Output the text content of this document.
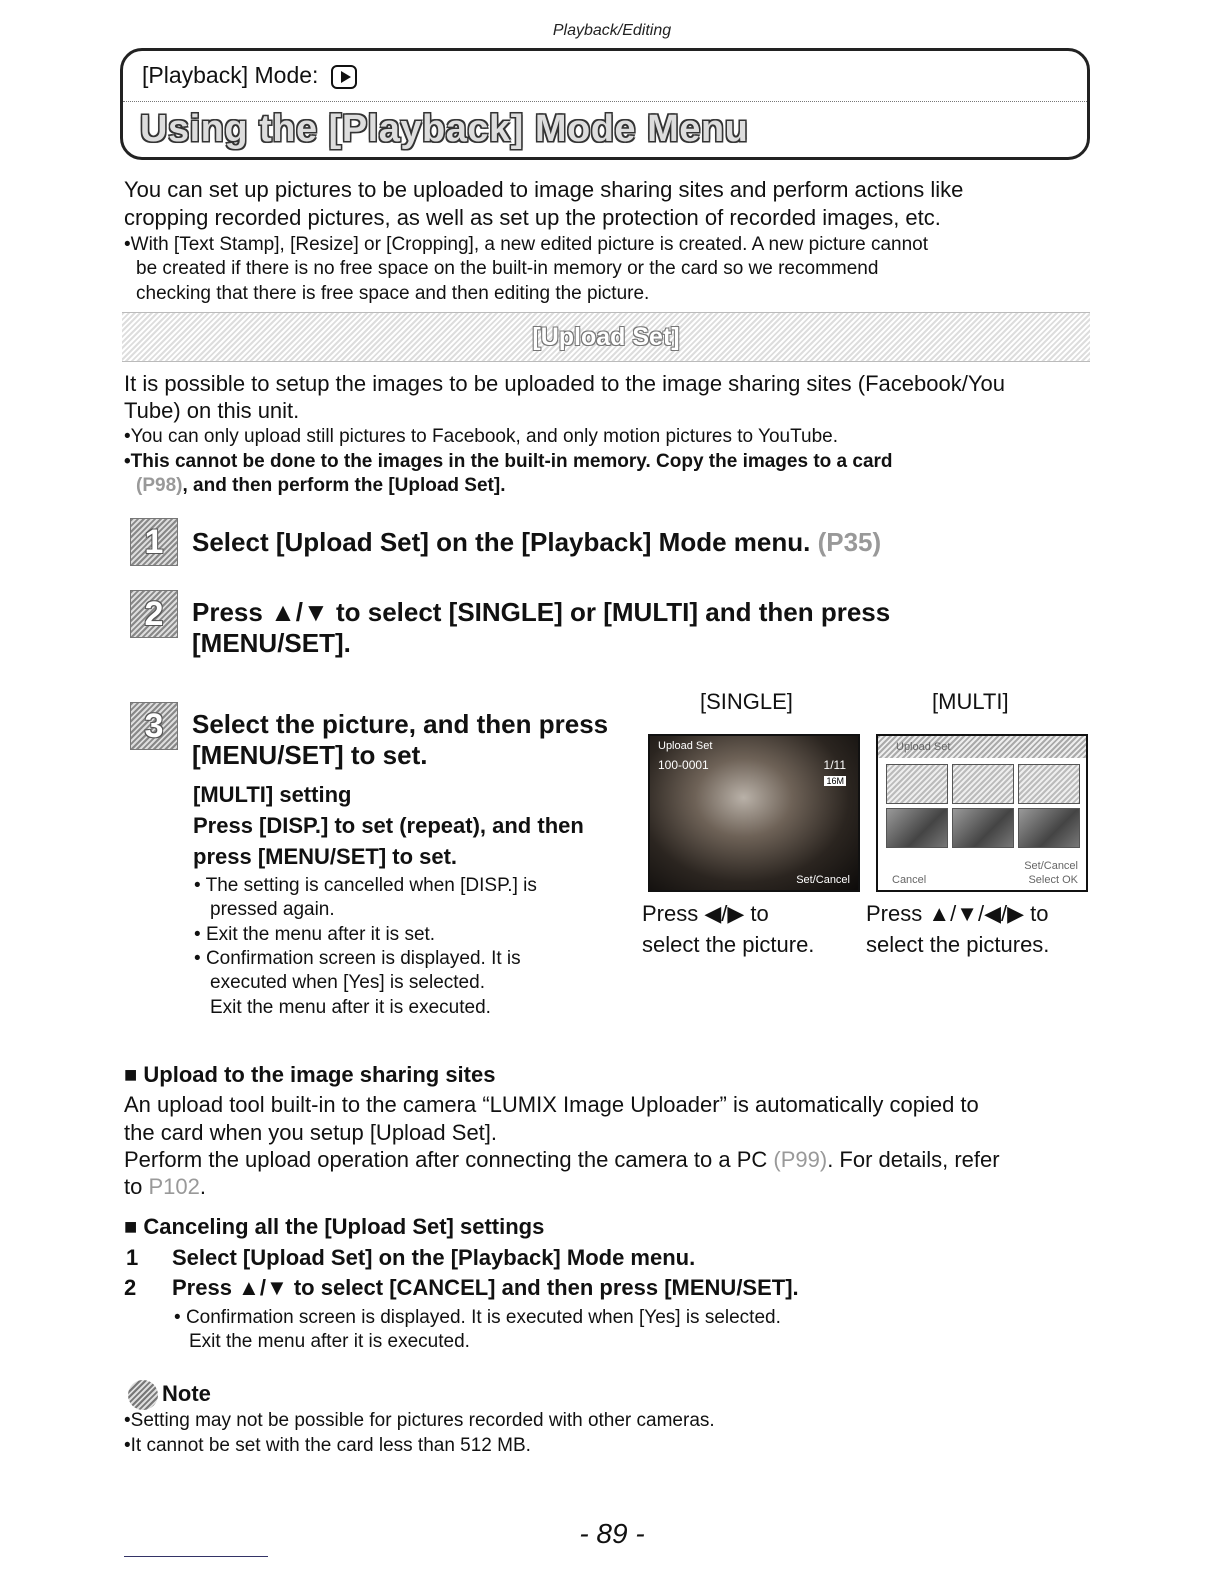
Playback/Editing
[Playback] Mode:
Using the [Playback] Mode Menu
You can set up pictures to be uploaded to image sharing sites and perform actions like
cropping recorded pictures, as well as set up the protection of recorded images, etc.
•With [Text Stamp], [Resize] or [Cropping], a new edited picture is created. A new picture cannot
be created if there is no free space on the built-in memory or the card so we recommend
checking that there is free space and then editing the picture.
[Upload Set]
It is possible to setup the images to be uploaded to the image sharing sites (Facebook/You
Tube) on this unit.
•You can only upload still pictures to Facebook, and only motion pictures to YouTube.
•This cannot be done to the images in the built-in memory. Copy the images to a card
(P98), and then perform the [Upload Set].
1	Select [Upload Set] on the [Playback] Mode menu. (P35)
2	Press ▲/▼ to select [SINGLE] or [MULTI] and then press
[MENU/SET].
3	Select the picture, and then press
[MENU/SET] to set.
[MULTI] setting
Press [DISP.] to set (repeat), and then
press [MENU/SET] to set.
• The setting is cancelled when [DISP.] is
pressed again.
• Exit the menu after it is set.
• Confirmation screen is displayed. It is
executed when [Yes] is selected.
Exit the menu after it is executed.
[SINGLE]	[MULTI]
Upload Set
100-0001	1/11
16M
Set/Cancel
Upload Set
Cancel
Set/Cancel
Select OK
Press ◀/▶ to
select the picture.
Press ▲/▼/◀/▶ to
select the pictures.
■ Upload to the image sharing sites
An upload tool built-in to the camera “LUMIX Image Uploader” is automatically copied to
the card when you setup [Upload Set].
Perform the upload operation after connecting the camera to a PC (P99). For details, refer
to P102.
■ Canceling all the [Upload Set] settings
1 Select [Upload Set] on the [Playback] Mode menu.
2 Press ▲/▼ to select [CANCEL] and then press [MENU/SET].
• Confirmation screen is displayed. It is executed when [Yes] is selected.
Exit the menu after it is executed.
Note
•Setting may not be possible for pictures recorded with other cameras.
•It cannot be set with the card less than 512 MB.
- 89 -
